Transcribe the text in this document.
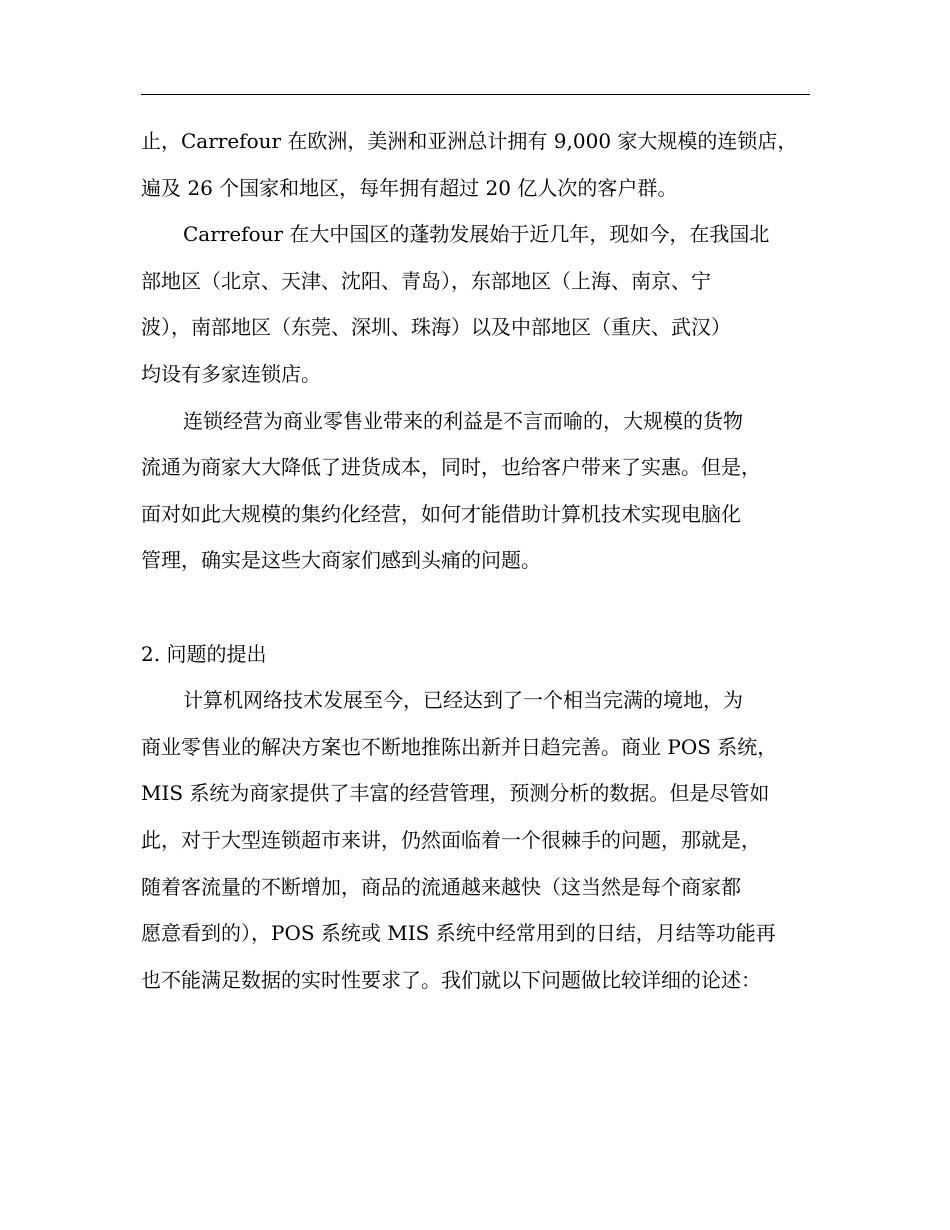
止，Carrefour 在欧洲，美洲和亚洲总计拥有 9,000 家大规模的连锁店，
遍及 26 个国家和地区，每年拥有超过 20 亿人次的客户群。
Carrefour 在大中国区的蓬勃发展始于近几年，现如今，在我国北
部地区（北京、天津、沈阳、青岛），东部地区（上海、南京、宁
波），南部地区（东莞、深圳、珠海）以及中部地区（重庆、武汉）
均设有多家连锁店。
连锁经营为商业零售业带来的利益是不言而喻的，大规模的货物
流通为商家大大降低了进货成本，同时，也给客户带来了实惠。但是，
面对如此大规模的集约化经营，如何才能借助计算机技术实现电脑化
管理，确实是这些大商家们感到头痛的问题。
2. 问题的提出
计算机网络技术发展至今，已经达到了一个相当完满的境地，为
商业零售业的解决方案也不断地推陈出新并日趋完善。商业 POS 系统，
MIS 系统为商家提供了丰富的经营管理，预测分析的数据。但是尽管如
此，对于大型连锁超市来讲，仍然面临着一个很棘手的问题，那就是，
随着客流量的不断增加，商品的流通越来越快（这当然是每个商家都
愿意看到的），POS 系统或 MIS 系统中经常用到的日结，月结等功能再
也不能满足数据的实时性要求了。我们就以下问题做比较详细的论述：
